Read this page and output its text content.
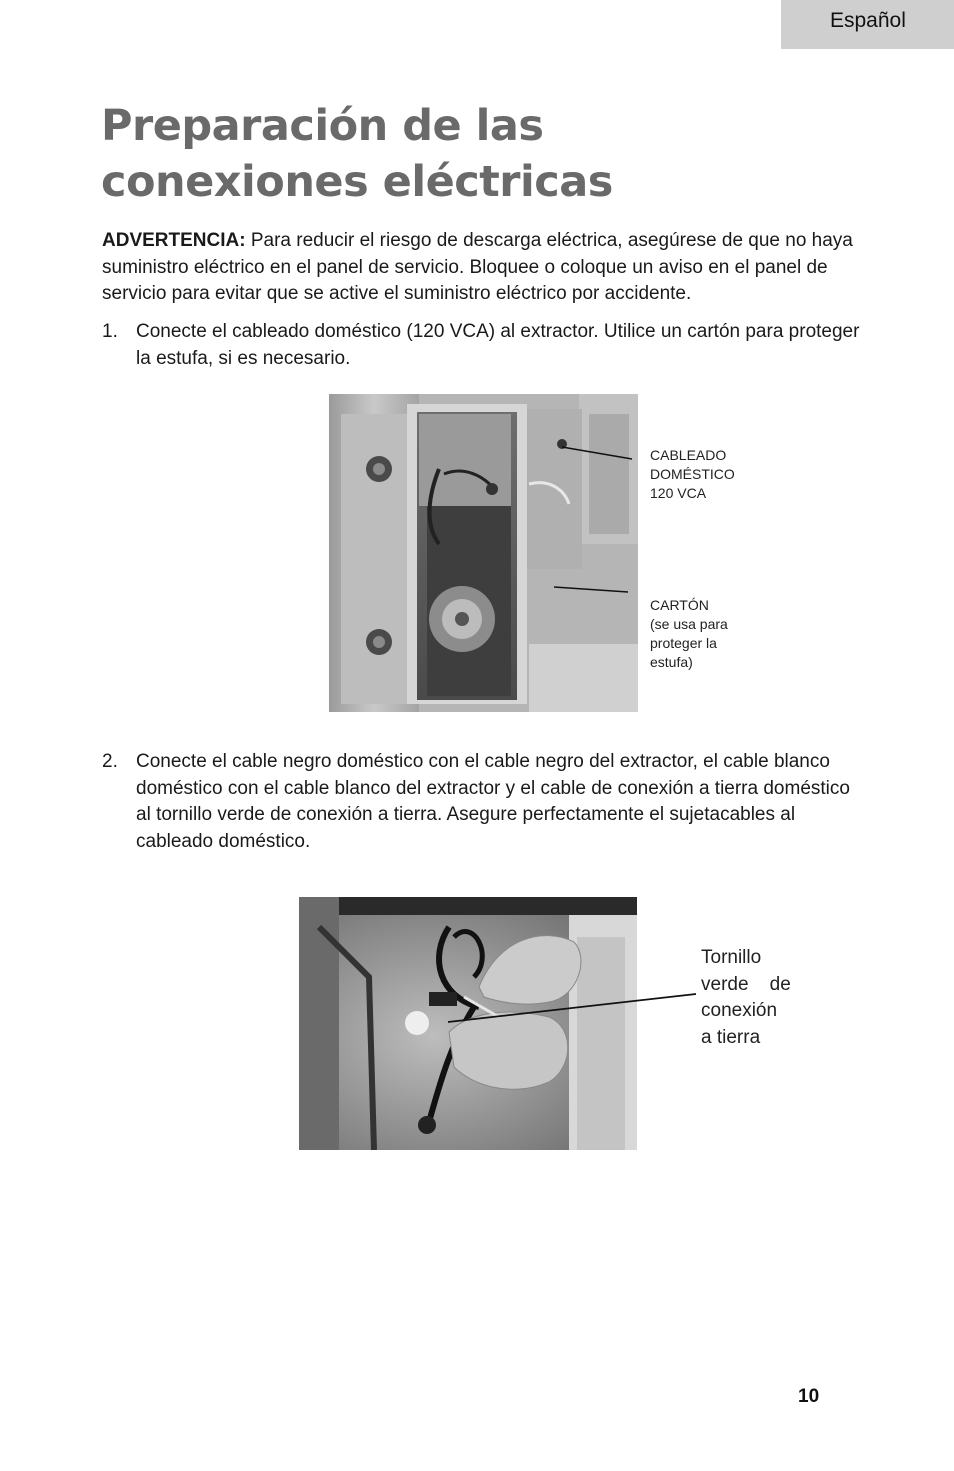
Español
Preparación de las
conexiones eléctricas

ADVERTENCIA: Para reducir el riesgo de descarga eléctrica, asegúrese de que no haya suministro eléctrico en el panel de servicio. Bloquee o coloque un aviso en el panel de servicio para evitar que se active el suministro eléctrico por accidente.

1. Conecte el cableado doméstico (120 VCA) al extractor. Utilice un cartón para proteger la estufa, si es necesario.
CABLEADO
DOMÉSTICO
120 VCA
CARTÓN
(se usa para
proteger la
estufa)
2. Conecte el cable negro doméstico con el cable negro del extractor, el cable blanco doméstico con el cable blanco del extractor y el cable de conexión a tierra doméstico al tornillo verde de conexión a tierra. Asegure perfectamente el sujetacables al cableado doméstico.
Tornillo
verde    de
conexión
a tierra
10
